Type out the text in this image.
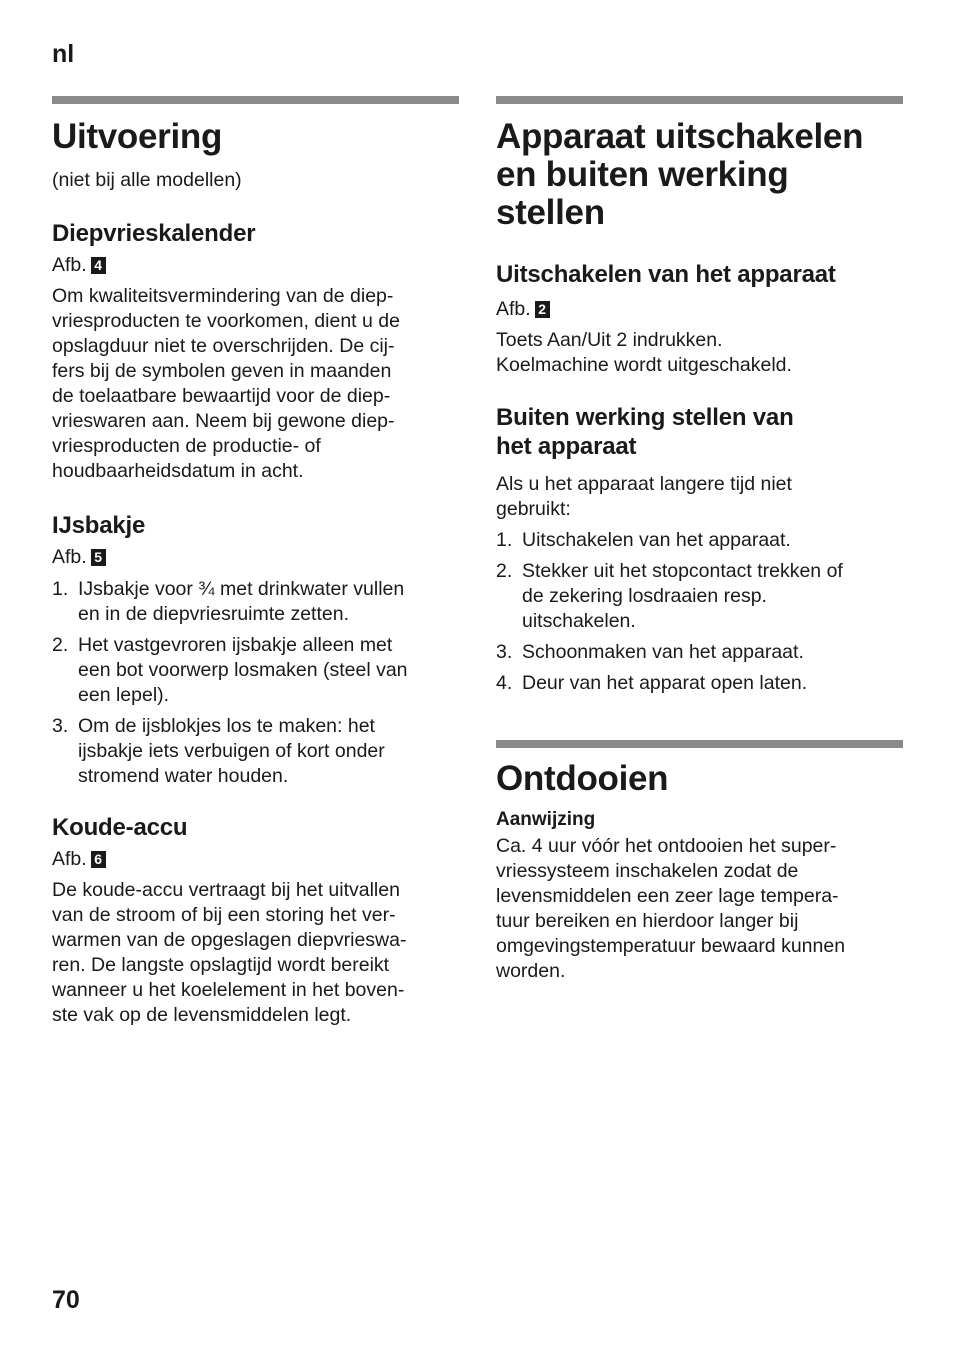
nl
Uitvoering

(niet bij alle modellen)

Diepvrieskalender
Afb. 4

Om kwaliteitsvermindering van de diep-
vriesproducten te voorkomen, dient u de
opslagduur niet te overschrijden. De cij-
fers bij de symbolen geven in maanden
de toelaatbare bewaartijd voor de diep-
vrieswaren aan. Neem bij gewone diep-
vriesproducten de productie- of
houdbaarheidsdatum in acht.

IJsbakje
Afb. 5
1. IJsbakje voor ¾ met drinkwater vullen
en in de diepvriesruimte zetten.
2. Het vastgevroren ijsbakje alleen met
een bot voorwerp losmaken (steel van
een lepel).
3. Om de ijsblokjes los te maken: het
ijsbakje iets verbuigen of kort onder
stromend water houden.
Koude-accu
Afb. 6

De koude-accu vertraagt bij het uitvallen
van de stroom of bij een storing het ver-
warmen van de opgeslagen diepvrieswa-
ren. De langste opslagtijd wordt bereikt
wanneer u het koelelement in het boven-
ste vak op de levensmiddelen legt.

Apparaat uitschakelen
en buiten werking
stellen
Uitschakelen van het apparaat
Afb. 2

Toets Aan/Uit 2 indrukken.
Koelmachine wordt uitgeschakeld.

Buiten werking stellen van
het apparaat

Als u het apparaat langere tijd niet
gebruikt:

1. Uitschakelen van het apparaat.
2. Stekker uit het stopcontact trekken of
de zekering losdraaien resp.
uitschakelen.
3. Schoonmaken van het apparaat.
4. Deur van het apparat open laten.
Ontdooien
Aanwijzing

Ca. 4 uur vóór het ontdooien het super-
vriessysteem inschakelen zodat de
levensmiddelen een zeer lage tempera-
tuur bereiken en hierdoor langer bij
omgevingstemperatuur bewaard kunnen
worden.

70
